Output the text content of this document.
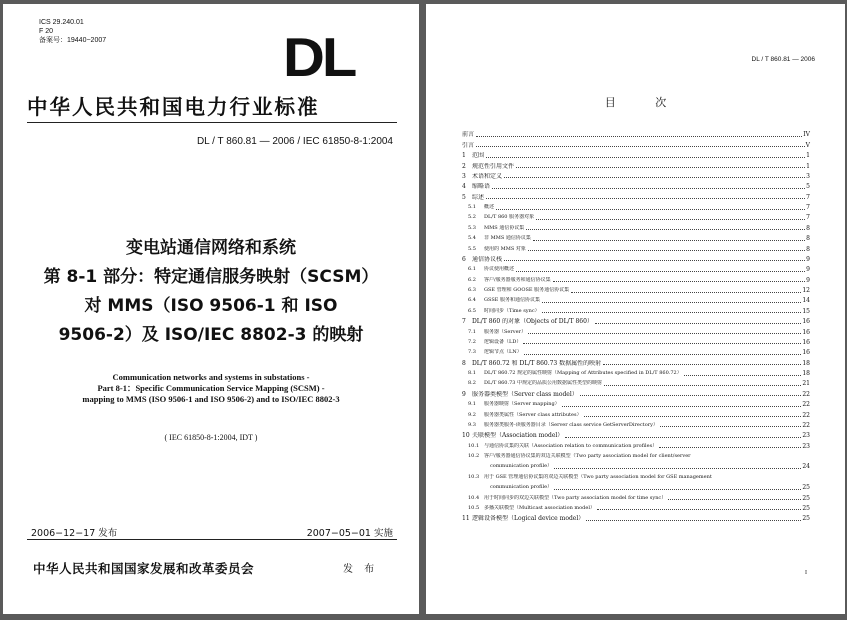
ICS 29.240.01
F 20
备案号：19440−2007	DL
中华人民共和国电力行业标准
DL / T 860.81 — 2006 / IEC 61850-8-1:2004
变电站通信网络和系统
第 8-1 部分：特定通信服务映射（SCSM）
对 MMS（ISO 9506-1 和 ISO
9506-2）及 ISO/IEC 8802-3 的映射
Communication networks and systems in substations -
Part 8-1：Specific Communication Service Mapping (SCSM) -
mapping to MMS (ISO 9506-1 and ISO 9506-2) and to ISO/IEC 8802-3
( IEC 61850-8-1:2004, IDT )
2006−12−17 发布	2007−05−01 实施
中华人民共和国国家发展和改革委员会	发 布
DL / T 860.81 — 2006
目 次
前言	IV
引言	V
1	范围	1
2	规范性引用文件	1
3	术语和定义	3
4	缩略语	5
5	综述	7
5.1	概述	7
5.2	DL/T 860 服务器对象	7
5.3	MMS 通信协议集	8
5.4	非 MMS 通信协议集	8
5.5	使用的 MMS 对象	8
6	通信协议栈	9
6.1	协议使用概述	9
6.2	客户/服务器服务和通信协议集	9
6.3	GSE 管理和 GOOSE 服务通信协议集	12
6.4	GSSE 服务和通信协议集	14
6.5	时间同步（Time sync）	15
7	DL/T 860 的对象（Objects of DL/T 860）	16
7.1	服务器（Server）	16
7.2	逻辑设备（LD）	16
7.3	逻辑节点（LN）	16
8	DL/T 860.72 和 DL/T 860.73 数据属性的映射	18
8.1	DL/T 860.72 规定的属性映射（Mapping of Attributes specified in DL/T 860.72）	18
8.2	DL/T 860.73 中规定的品质公用数据属性类型的映射	21
9	服务器类模型（Server class model）	22
9.1	服务器映射（Server mapping）	22
9.2	服务器类属性（Server class attributes）	22
9.3	服务器类服务-读服务器目录（Server class service GetServerDirectory）	22
10 关联模型（Association model）	23
10.1 与通信协议集的关联（Association relation to communication profiles）	23
10.2 客户/服务器通信协议集的双边关联模型（Two party association model for client/server
communication profile）	24
10.3 用于 GSE 管理通信协议集的双边关联模型（Two party association model for GSE management
communication profile）	25
10.4 用于时间同步的双边关联模型（Two party association model for time sync）	25
10.5 多播关联模型（Multicast association model）	25
11 逻辑设备模型（Logical device model）	25
I
